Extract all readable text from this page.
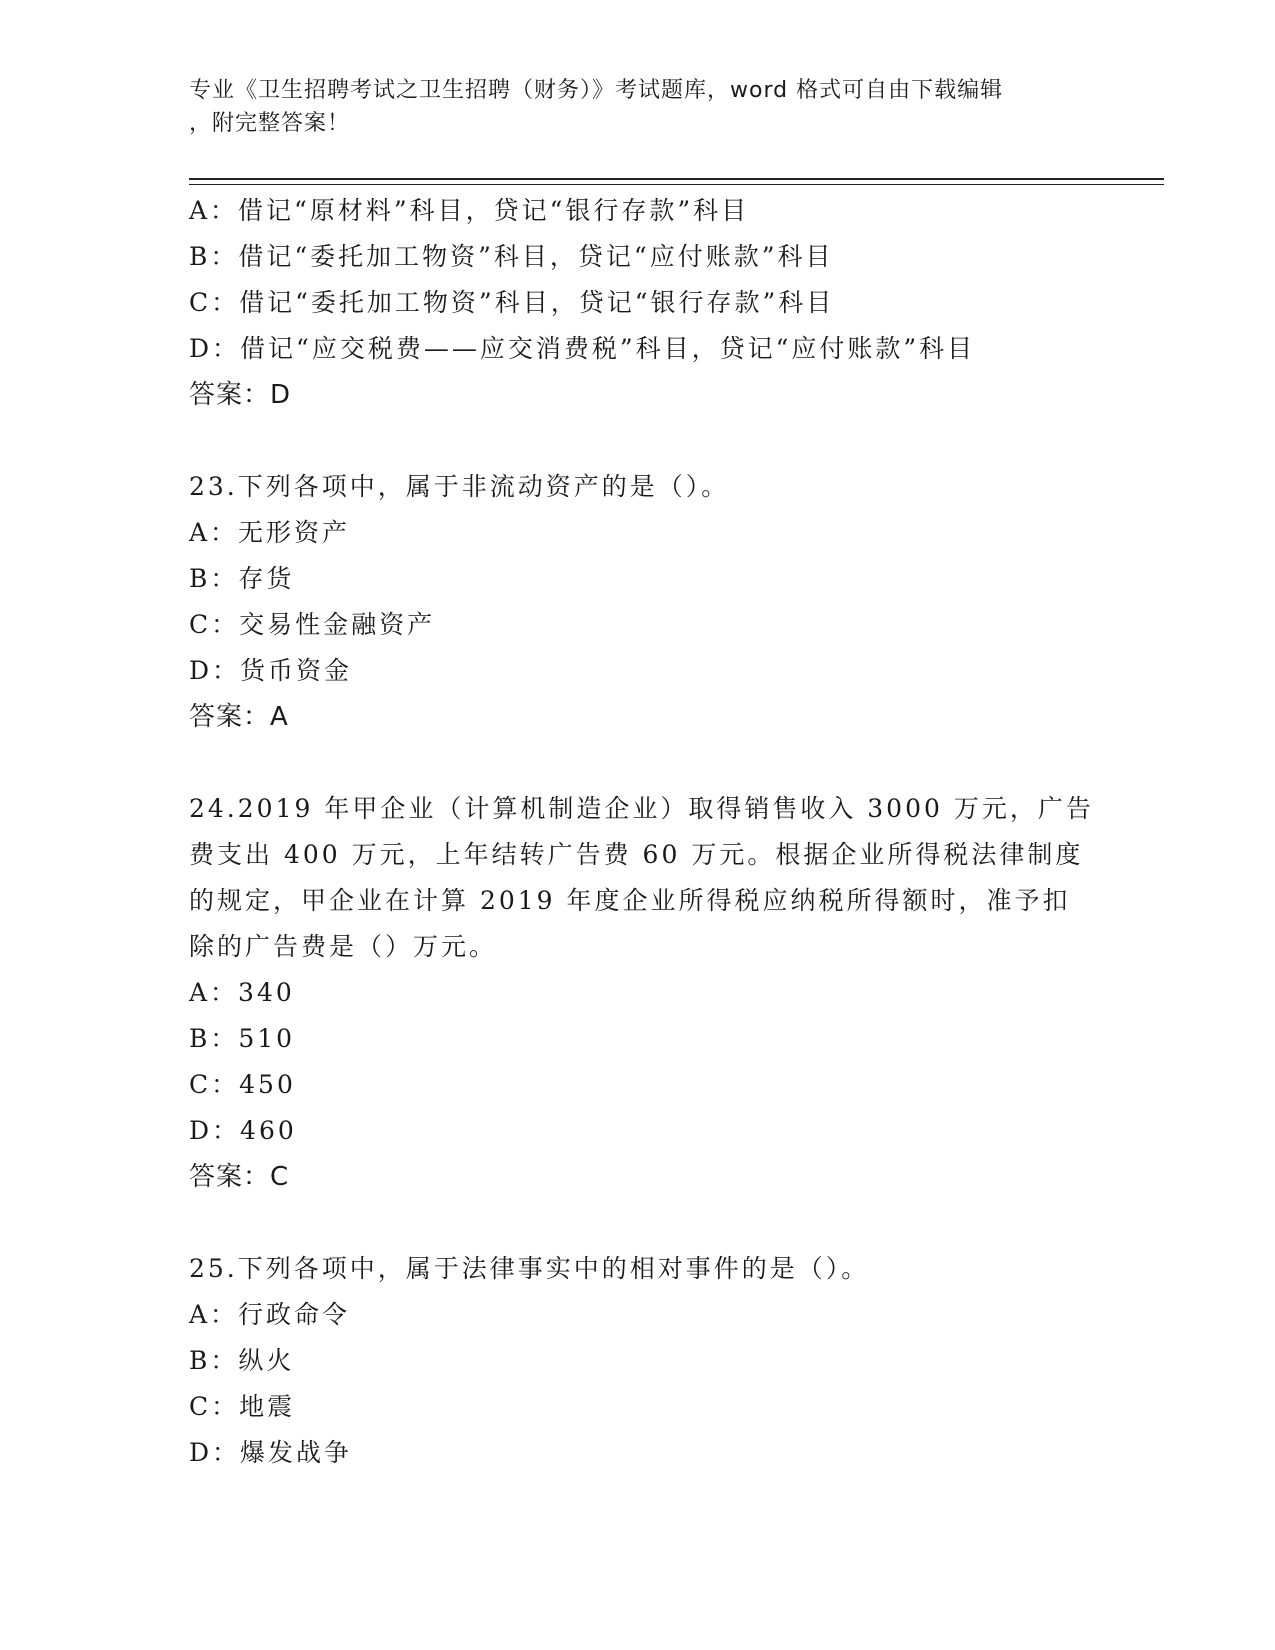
专业《卫生招聘考试之卫生招聘（财务）》考试题库，word 格式可自由下载编辑
，附完整答案！
A：借记“原材料”科目，贷记“银行存款”科目
B：借记“委托加工物资”科目，贷记“应付账款”科目
C：借记“委托加工物资”科目，贷记“银行存款”科目
D：借记“应交税费——应交消费税”科目，贷记“应付账款”科目
答案：D
23.下列各项中，属于非流动资产的是（）。
A：无形资产
B：存货
C：交易性金融资产
D：货币资金
答案：A
24.2019 年甲企业（计算机制造企业）取得销售收入 3000 万元，广告
费支出 400 万元，上年结转广告费 60 万元。根据企业所得税法律制度
的规定，甲企业在计算 2019 年度企业所得税应纳税所得额时，准予扣
除的广告费是（）万元。
A：340
B：510
C：450
D：460
答案：C
25.下列各项中，属于法律事实中的相对事件的是（）。
A：行政命令
B：纵火
C：地震
D：爆发战争
